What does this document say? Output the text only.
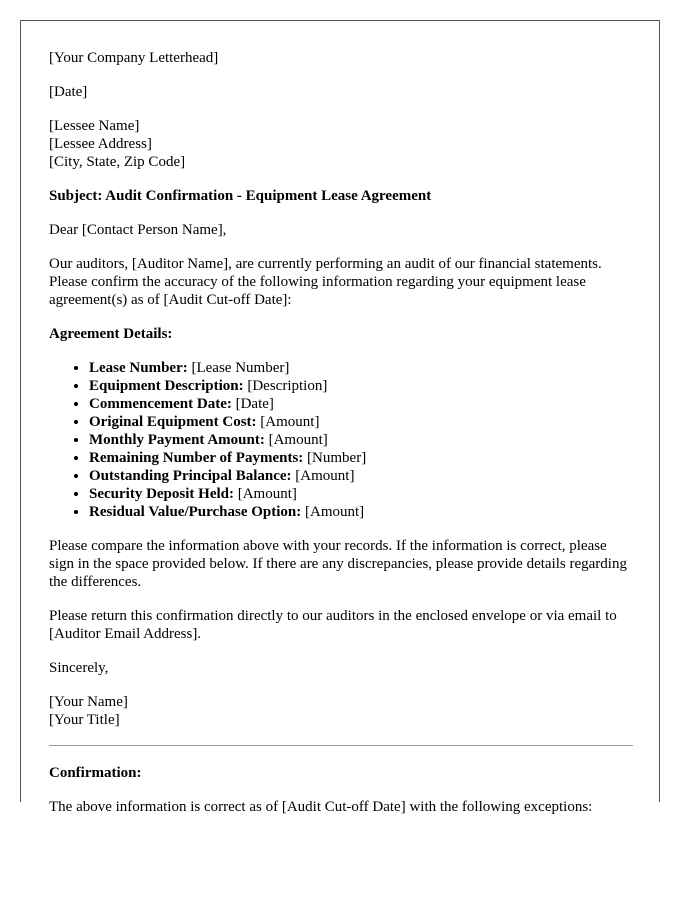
[Your Company Letterhead]

[Date]

[Lessee Name]
[Lessee Address]
[City, State, Zip Code]

Subject: Audit Confirmation - Equipment Lease Agreement

Dear [Contact Person Name],

Our auditors, [Auditor Name], are currently performing an audit of our financial statements. Please confirm the accuracy of the following information regarding your equipment lease agreement(s) as of [Audit Cut-off Date]:

Agreement Details:

• Lease Number: [Lease Number]
• Equipment Description: [Description]
• Commencement Date: [Date]
• Original Equipment Cost: [Amount]
• Monthly Payment Amount: [Amount]
• Remaining Number of Payments: [Number]
• Outstanding Principal Balance: [Amount]
• Security Deposit Held: [Amount]
• Residual Value/Purchase Option: [Amount]

Please compare the information above with your records. If the information is correct, please sign in the space provided below. If there are any discrepancies, please provide details regarding the differences.

Please return this confirmation directly to our auditors in the enclosed envelope or via email to [Auditor Email Address].

Sincerely,

[Your Name]
[Your Title]

Confirmation:

The above information is correct as of [Audit Cut-off Date] with the following exceptions:
